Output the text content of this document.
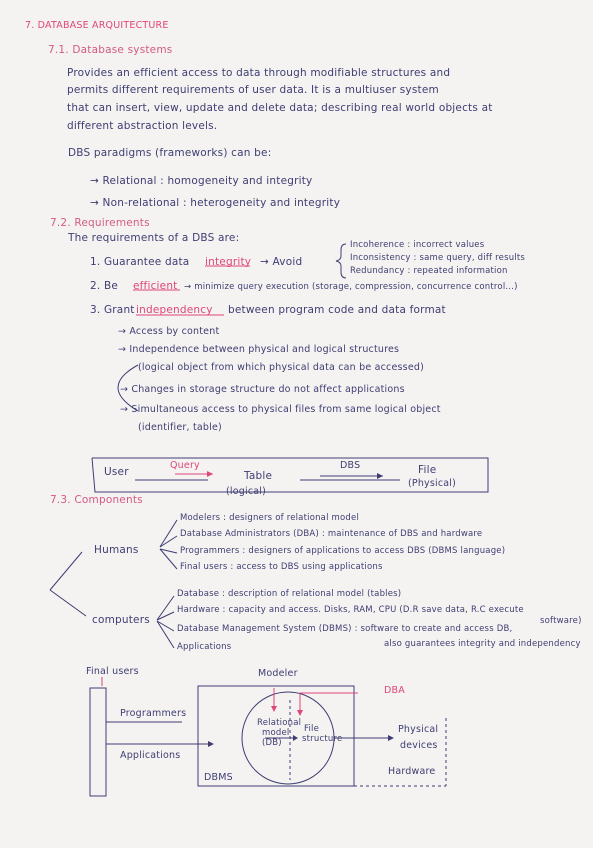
7. DATABASE ARQUITECTURE
7.1. Database systems
Provides an efficient access to data through modifiable structures and
permits different requirements of user data. It is a multiuser system
that can insert, view, update and delete data; describing real world objects at
different abstraction levels.
DBS paradigms (frameworks) can be:
→ Relational : homogeneity and integrity
→ Non-relational : heterogeneity and integrity
7.2. Requirements
The requirements of a DBS are:
1. Guarantee data integrity → Avoid
Incoherence : incorrect values
Inconsistency : same query, diff results
Redundancy : repeated information
2. Be efficient → minimize query execution (storage, compression, concurrence control...)
3. Grant independency between program code and data format
→ Access by content
→ Independence between physical and logical structures
(logical object from which physical data can be accessed)
→ Changes in storage structure do not affect applications
→ Simultaneous access to physical files from same logical object
(identifier, table)
User
Query
Table
(logical)
DBS	File
(Physical)
7.3. Components
Humans
Modelers : designers of relational model
Database Administrators (DBA) : maintenance of DBS and hardware
Programmers : designers of applications to access DBS (DBMS language)
Final users : access to DBS using applications
computers
Database : description of relational model (tables)
Hardware : capacity and access. Disks, RAM, CPU (D.R save data, R.C execute
software)
Database Management System (DBMS) : software to create and access DB,
also guarantees integrity and independency
Applications
Final users
Programmers
Applications
Modeler
DBA
Relational
model
(DB)
File
structure
Physical
devices
Hardware
DBMS
